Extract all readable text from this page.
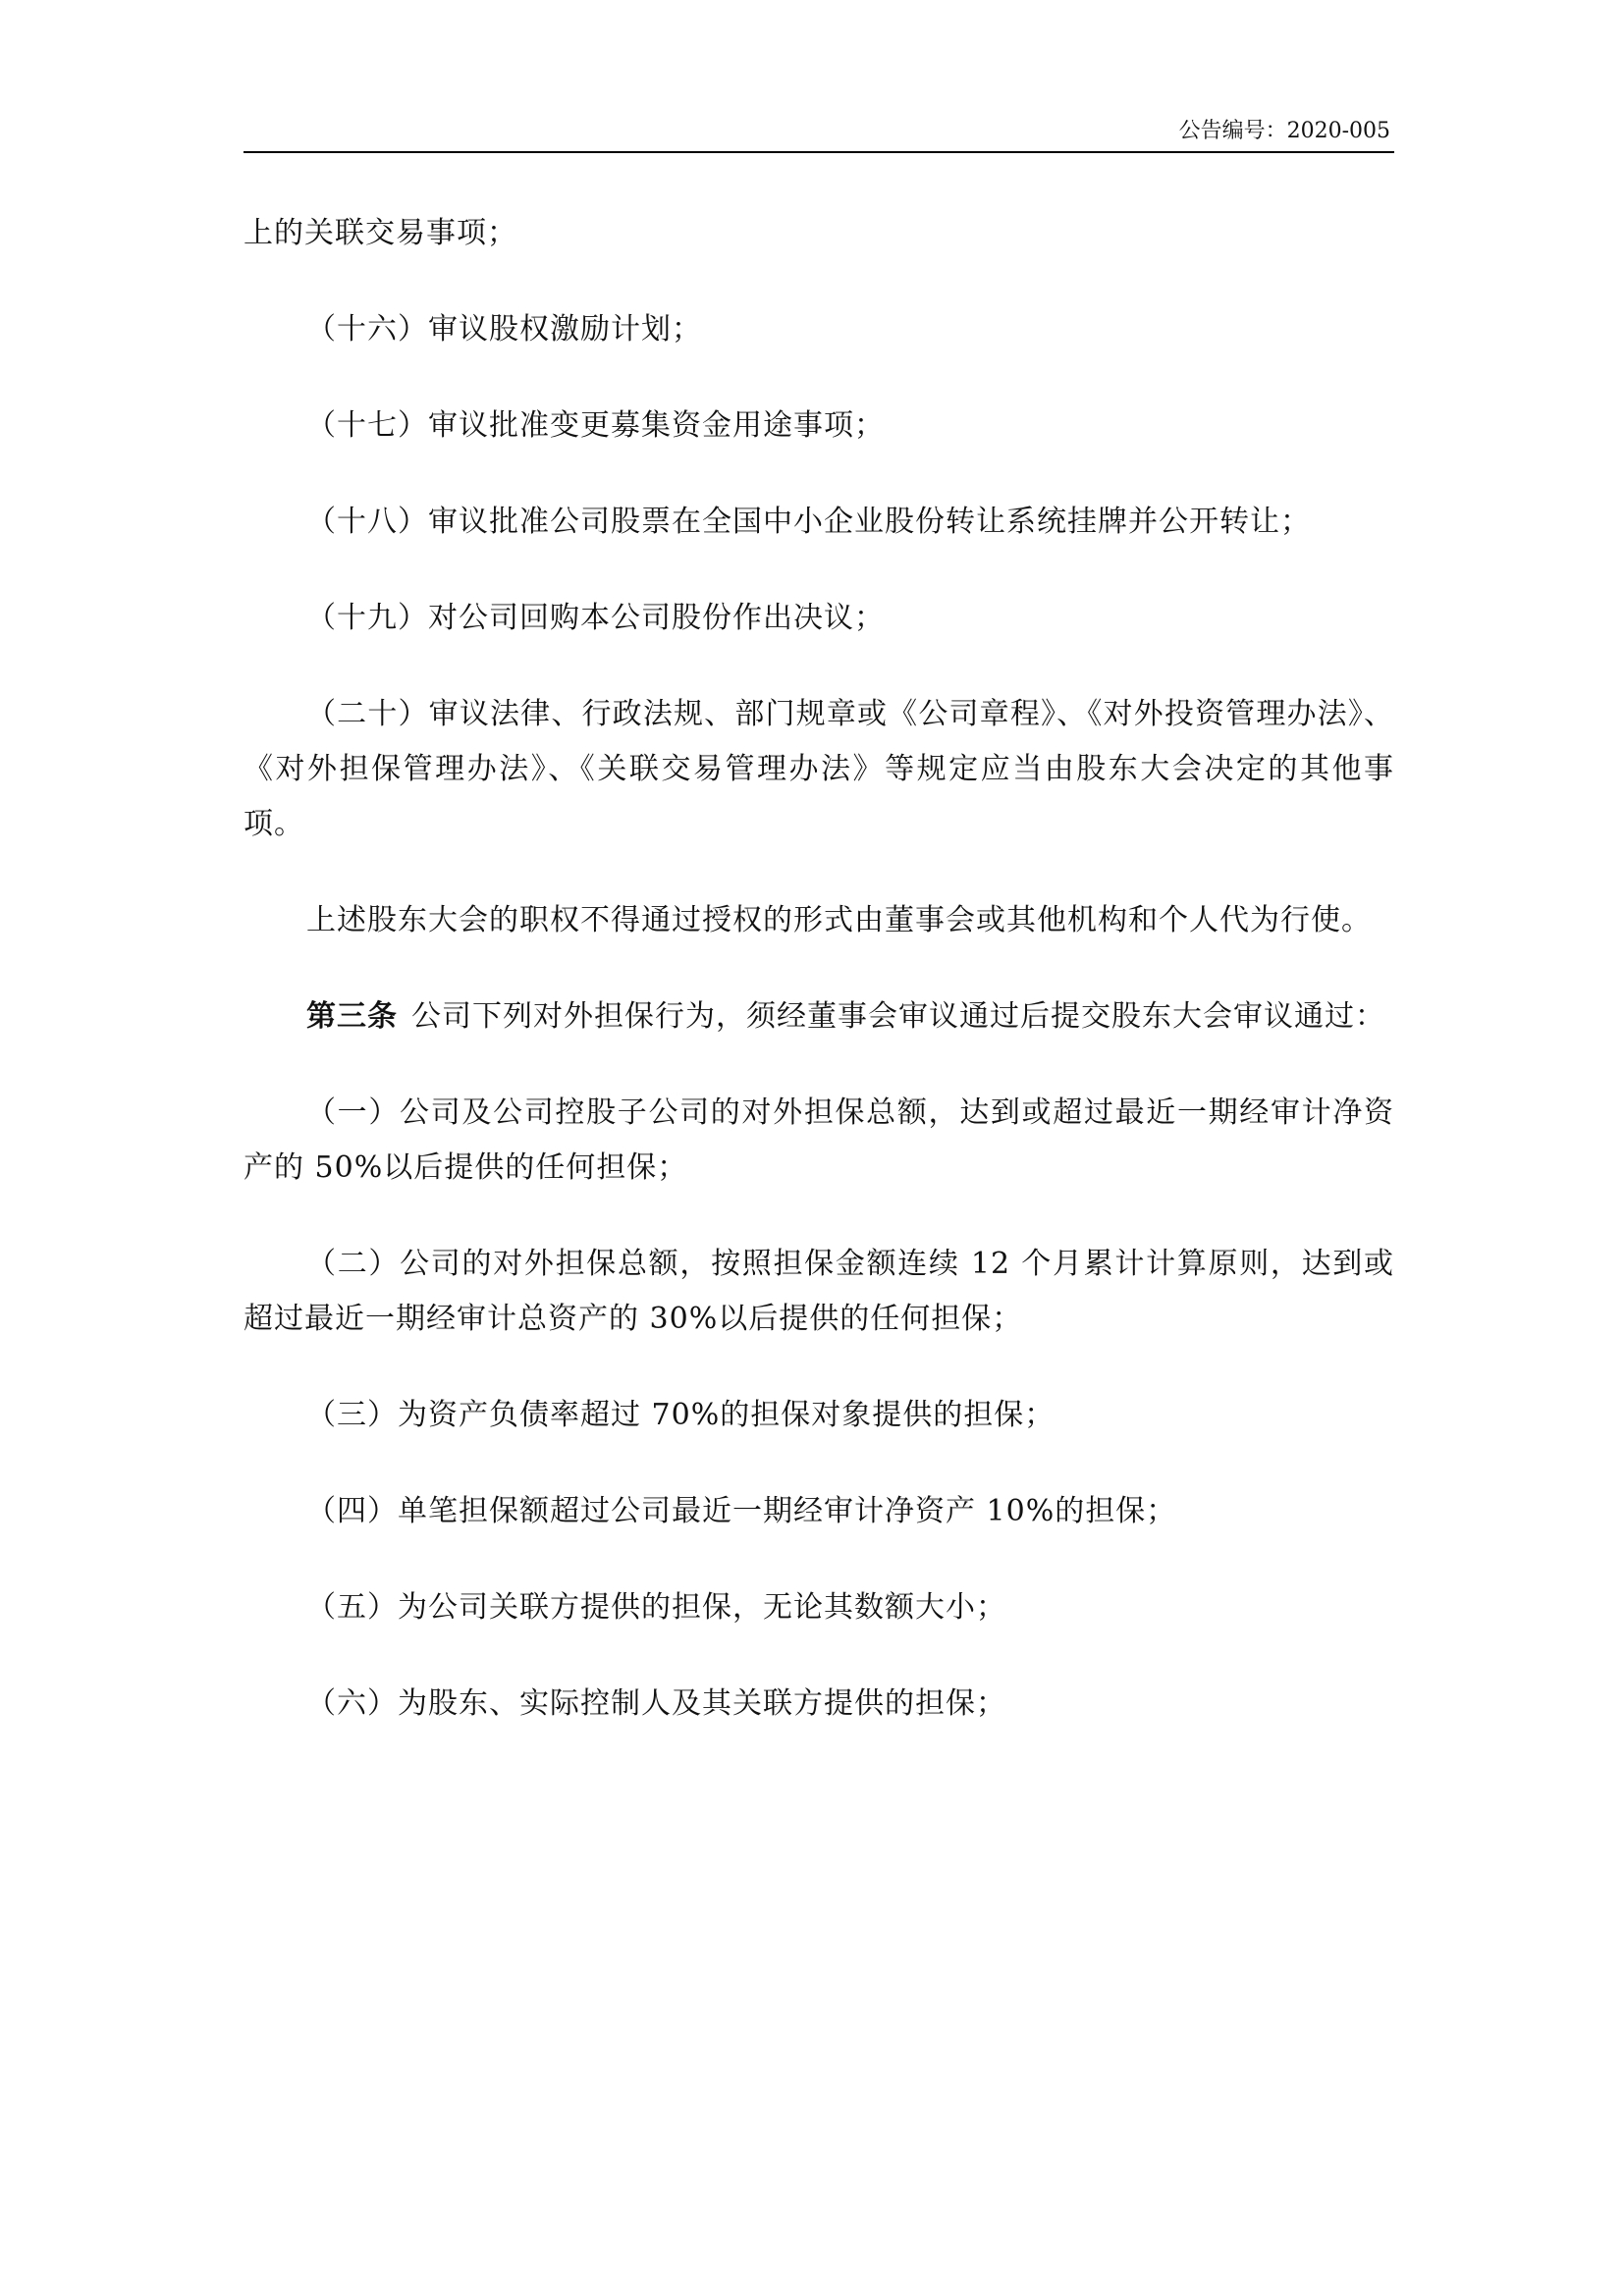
公告编号：2020-005

上的关联交易事项；

（十六）审议股权激励计划；

（十七）审议批准变更募集资金用途事项；

（十八）审议批准公司股票在全国中小企业股份转让系统挂牌并公开转让；

（十九）对公司回购本公司股份作出决议；

（二十）审议法律、行政法规、部门规章或《公司章程》、《对外投资管理办法》、《对外担保管理办法》、《关联交易管理办法》等规定应当由股东大会决定的其他事项。

上述股东大会的职权不得通过授权的形式由董事会或其他机构和个人代为行使。

第三条 公司下列对外担保行为，须经董事会审议通过后提交股东大会审议通过：

（一）公司及公司控股子公司的对外担保总额，达到或超过最近一期经审计净资产的 50%以后提供的任何担保；

（二）公司的对外担保总额，按照担保金额连续 12 个月累计计算原则，达到或超过最近一期经审计总资产的 30%以后提供的任何担保；

（三）为资产负债率超过 70%的担保对象提供的担保；

（四）单笔担保额超过公司最近一期经审计净资产 10%的担保；

（五）为公司关联方提供的担保，无论其数额大小；

（六）为股东、实际控制人及其关联方提供的担保；
